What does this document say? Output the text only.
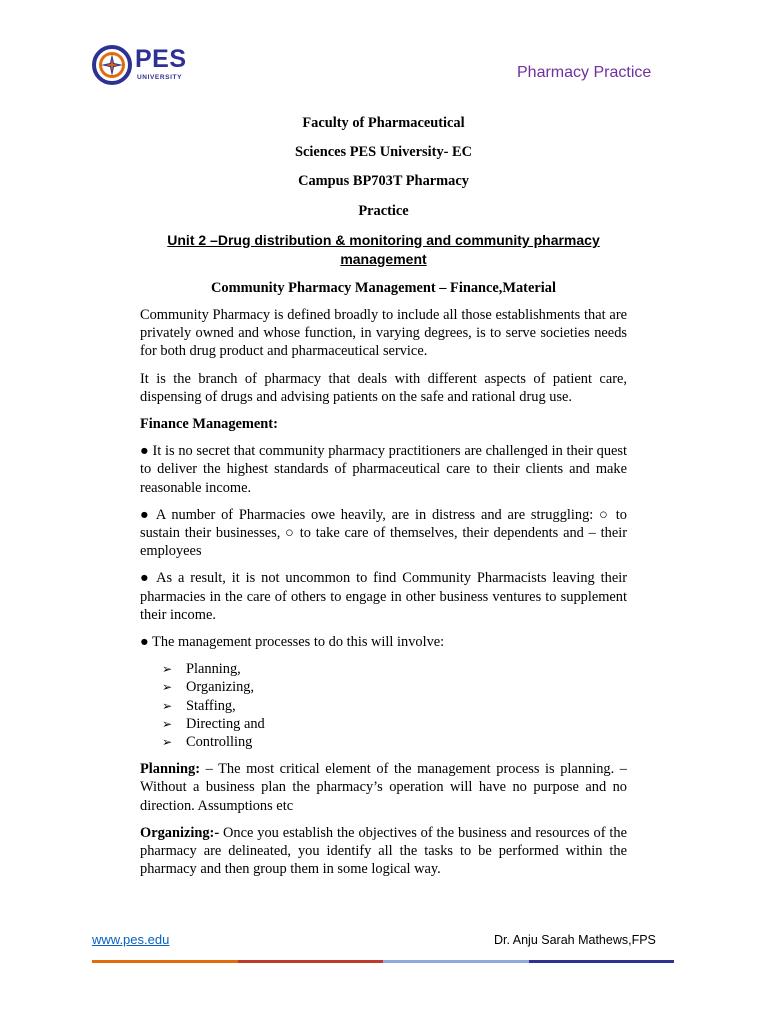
PES
UNIVERSITY	Pharmacy Practice
Faculty of Pharmaceutical
Sciences PES University- EC
Campus BP703T Pharmacy
Practice
Unit 2 –Drug distribution & monitoring and community pharmacy management
Community Pharmacy Management – Finance,Material

Community Pharmacy is defined broadly to include all those establishments that are privately owned and whose function, in varying degrees, is to serve societies needs for both drug product and pharmaceutical service.

It is the branch of pharmacy that deals with different aspects of patient care, dispensing of drugs and advising patients on the safe and rational drug use.

Finance Management:

● It is no secret that community pharmacy practitioners are challenged in their quest to deliver the highest standards of pharmaceutical care to their clients and make reasonable income.

● A number of Pharmacies owe heavily, are in distress and are struggling: ○ to sustain their businesses, ○ to take care of themselves, their dependents and – their employees

● As a result, it is not uncommon to find Community Pharmacists leaving their pharmacies in the care of others to engage in other business ventures to supplement their income.

● The management processes to do this will involve:

➢ Planning,
➢ Organizing,
➢ Staffing,
➢ Directing and
➢ Controlling

Planning: – The most critical element of the management process is planning. – Without a business plan the pharmacy’s operation will have no purpose and no direction. Assumptions etc

Organizing:- Once you establish the objectives of the business and resources of the pharmacy are delineated, you identify all the tasks to be performed within the pharmacy and then group them in some logical way.

www.pes.edu	Dr. Anju Sarah Mathews,FPS
